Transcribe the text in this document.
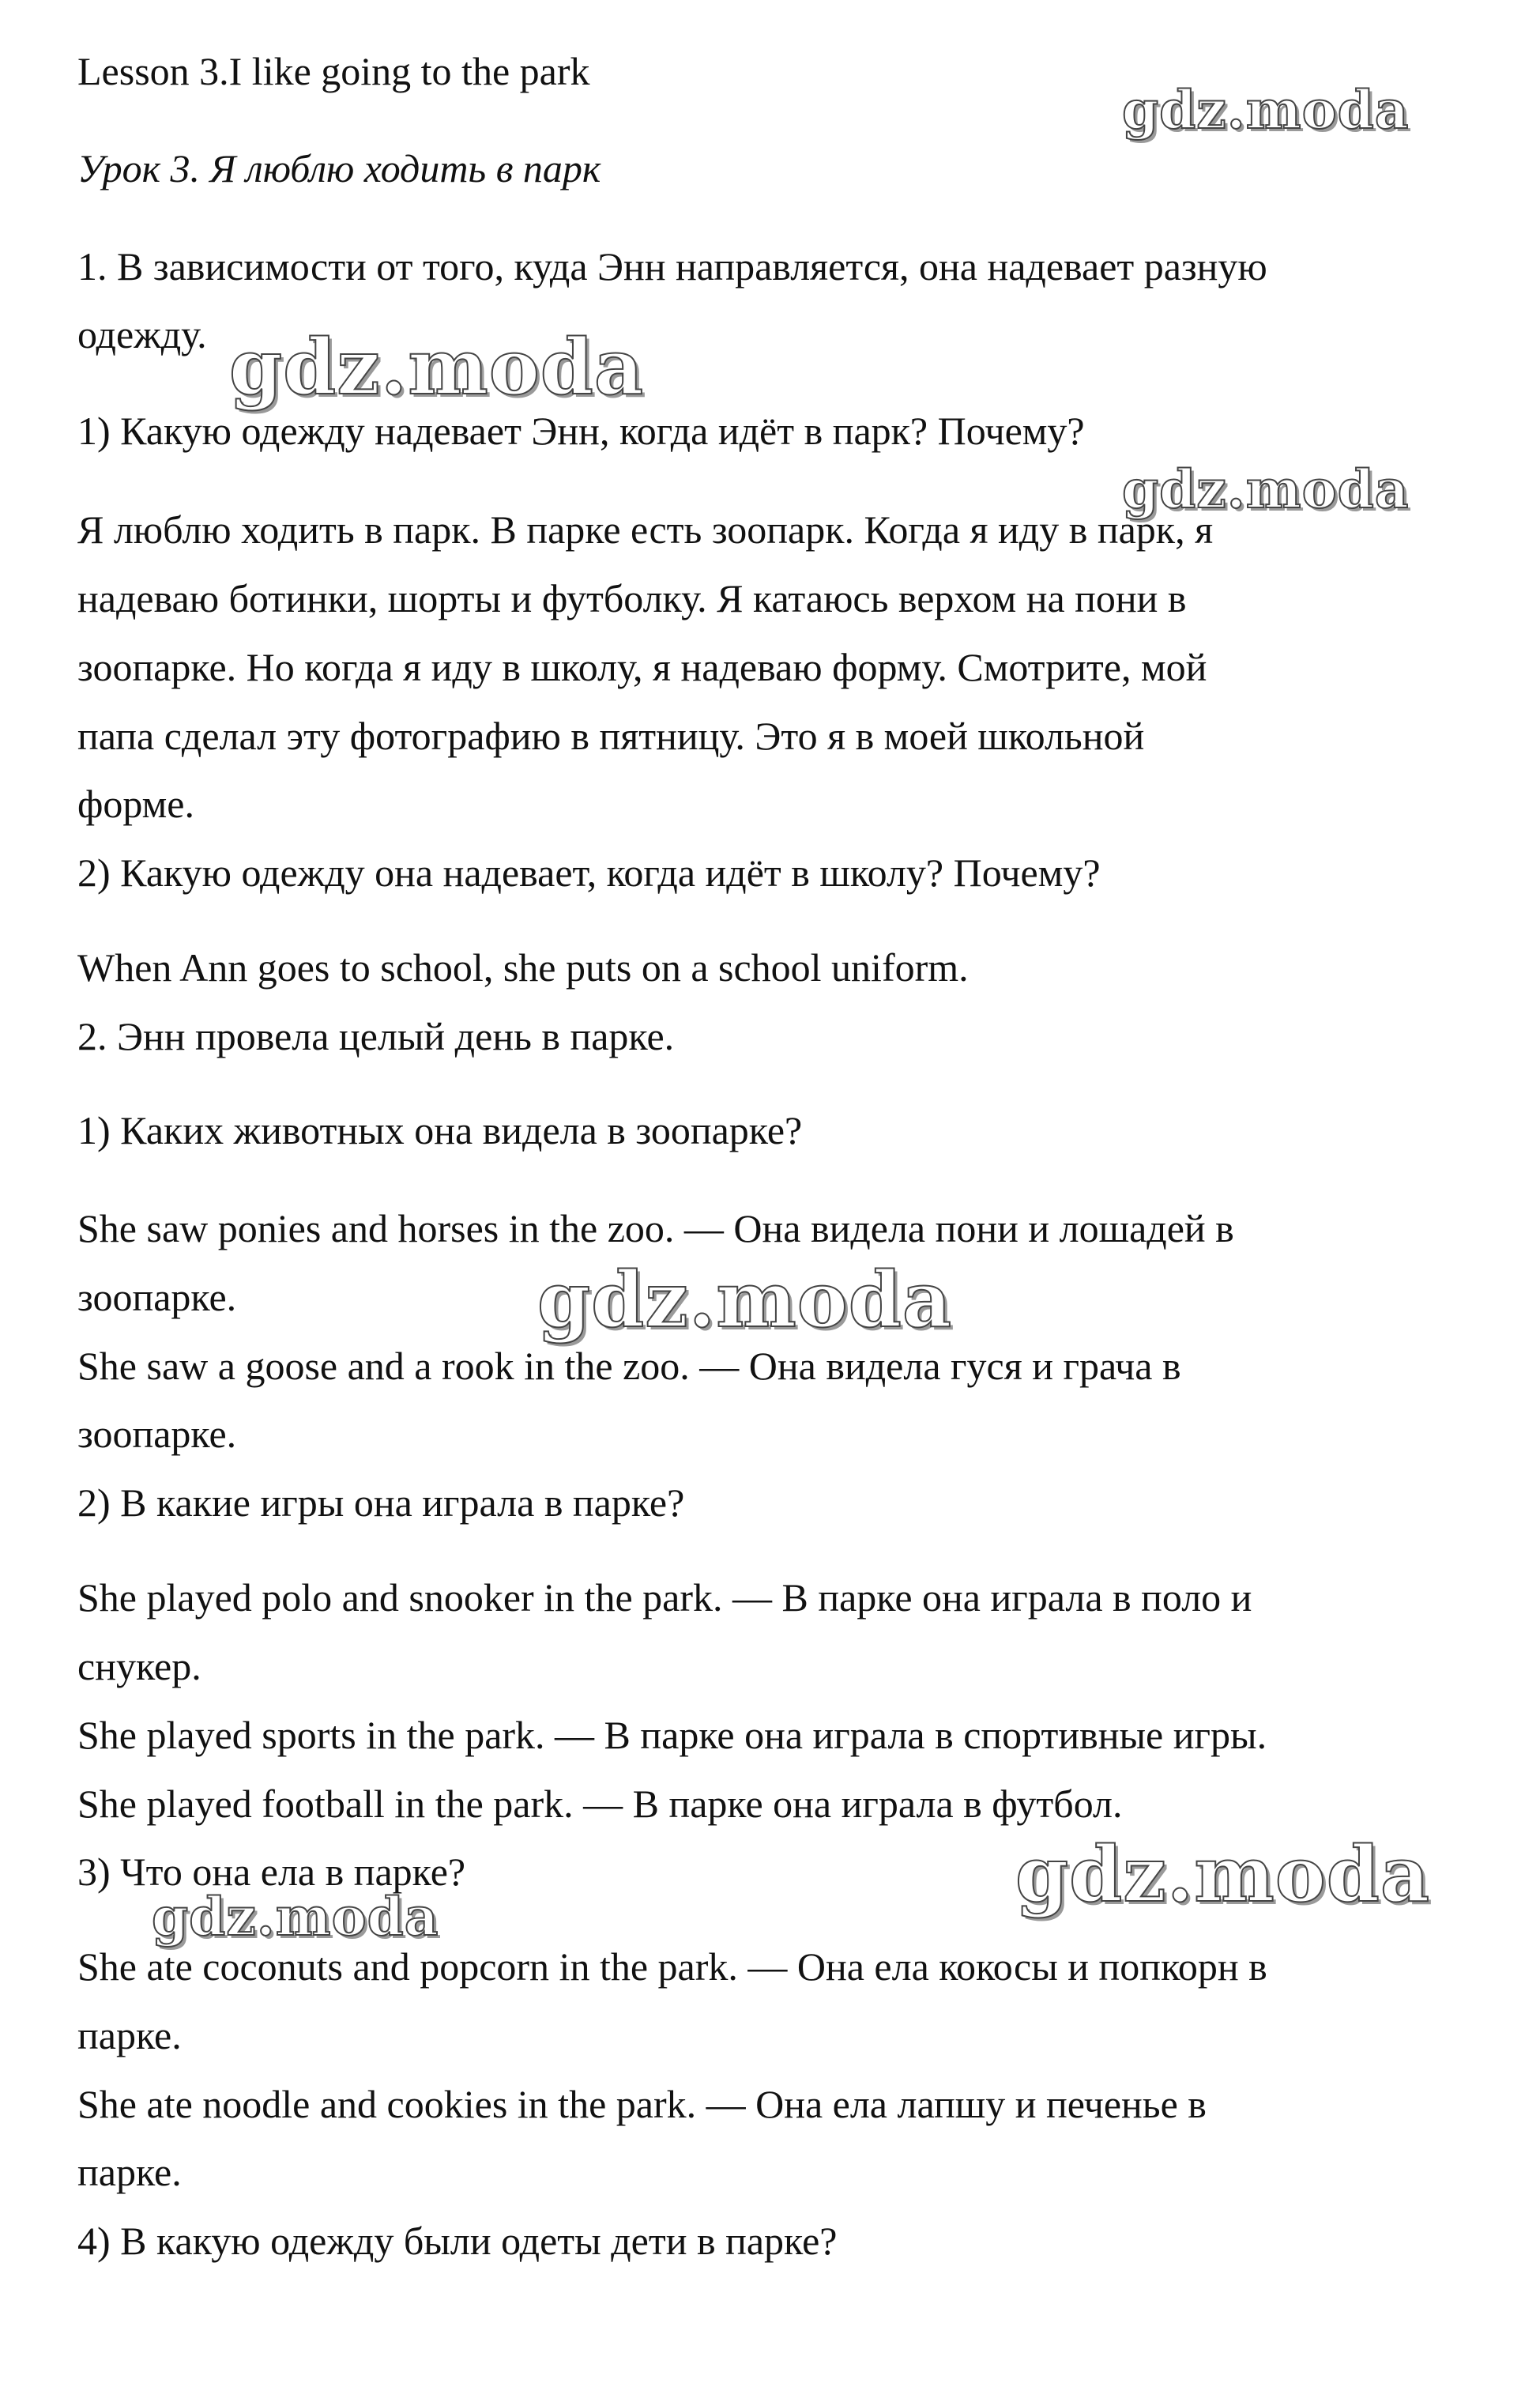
Lesson 3.I like going to the park
Урок 3. Я люблю ходить в парк
1. В зависимости от того, куда Энн направляется, она надевает разную
одежду.
1) Какую одежду надевает Энн, когда идёт в парк? Почему?
Я люблю ходить в парк. В парке есть зоопарк. Когда я иду в парк, я
надеваю ботинки, шорты и футболку. Я катаюсь верхом на пони в
зоопарке. Но когда я иду в школу, я надеваю форму. Смотрите, мой
папа сделал эту фотографию в пятницу. Это я в моей школьной
форме.
2) Какую одежду она надевает, когда идёт в школу? Почему?
When Ann goes to school, she puts on a school uniform.
2. Энн провела целый день в парке.
1) Каких животных она видела в зоопарке?
She saw ponies and horses in the zoo. — Она видела пони и лошадей в
зоопарке.
She saw a goose and a rook in the zoo. — Она видела гуся и грача в
зоопарке.
2) В какие игры она играла в парке?
She played polo and snooker in the park. — В парке она играла в поло и
снукер.
She played sports in the park. — В парке она играла в спортивные игры.
She played football in the park. — В парке она играла в футбол.
3) Что она ела в парке?
She ate coconuts and popcorn in the park. — Она ела кокосы и попкорн в
парке.
She ate noodle and cookies in the park. — Она ела лапшу и печенье в
парке.
4) В какую одежду были одеты дети в парке?
gdz.moda
gdz.moda
gdz.moda
gdz.moda
gdz.moda
gdz.moda
